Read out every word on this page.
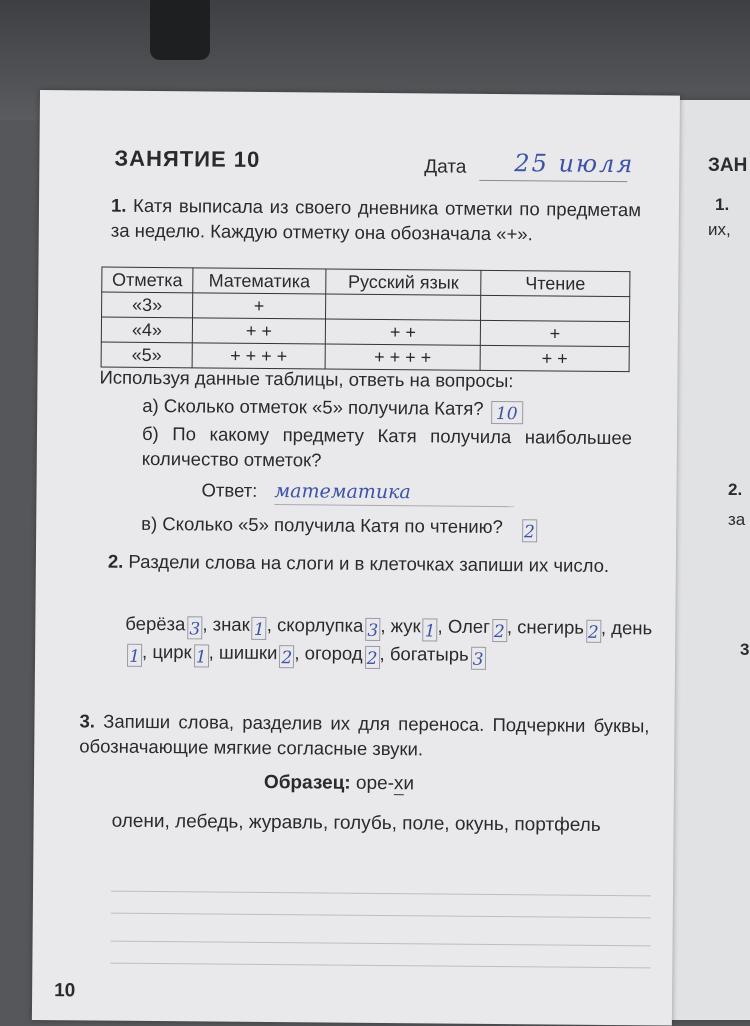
ЗАН
1.
их,
2.
за
3
ЗАНЯТИЕ 10	Дата 25 июля
1. Катя выписала из своего дневника отметки по предметам за неделю. Каждую отметку она обозначала «+».
Отметка	Математика	Русский язык	Чтение
«3»	+		
«4»	+ +	+ +	+
«5»	+ + + +	+ + + +	+ +
Используя данные таблицы, ответь на вопросы:
а) Сколько отметок «5» получила Катя? 10
б) По какому предмету Катя получила наибольшее количество отметок?
Ответ: математика
в) Сколько «5» получила Катя по чтению? 2
2. Раздели слова на слоги и в клеточках запиши их число.
берёза 3 , знак 1 , скорлупка 3 , жук 1 , Олег 2 , снегирь 2 , день1 , цирк 1 , шишки 2 , огород 2 , богатырь 3
3. Запиши слова, разделив их для переноса. Подчеркни буквы, обозначающие мягкие согласные звуки.
Образец: оре-хи
олени, лебедь, журавль, голубь, поле, окунь, портфель
10
